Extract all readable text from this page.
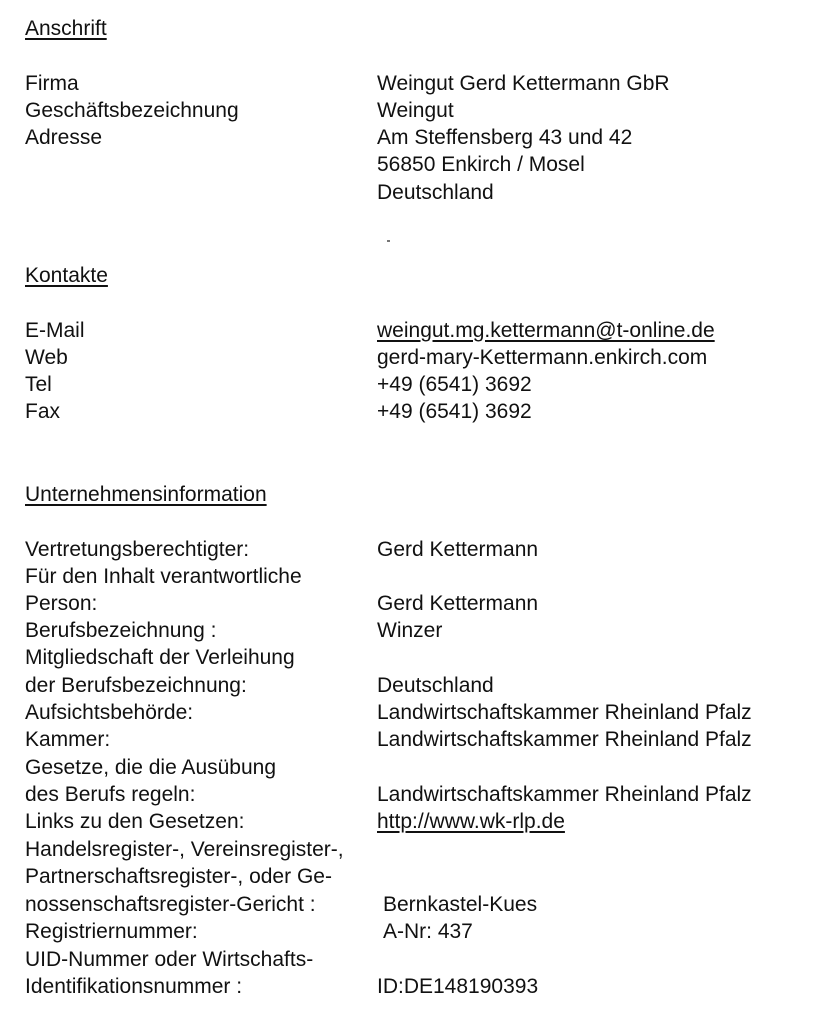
Anschrift
Firma	Weingut Gerd Kettermann GbR
Geschäftsbezeichnung	Weingut
Adresse	Am Steffensberg 43 und 42
56850 Enkirch / Mosel
Deutschland
Kontakte
E-Mail	weingut.mg.kettermann@t-online.de
Web	gerd-mary-Kettermann.enkirch.com
Tel	+49 (6541) 3692
Fax	+49 (6541) 3692
Unternehmensinformation
Vertretungsberechtigter:	Gerd Kettermann
Für den Inhalt verantwortliche
Person:	Gerd Kettermann
Berufsbezeichnung :	Winzer
Mitgliedschaft der Verleihung
der Berufsbezeichnung:	Deutschland
Aufsichtsbehörde:	Landwirtschaftskammer Rheinland Pfalz
Kammer:	Landwirtschaftskammer Rheinland Pfalz
Gesetze, die die Ausübung
des Berufs regeln:	Landwirtschaftskammer Rheinland Pfalz
Links zu den Gesetzen:	http://www.wk-rlp.de
Handelsregister-, Vereinsregister-,
Partnerschaftsregister-, oder Ge-
nossenschaftsregister-Gericht :	Bernkastel-Kues
Registriernummer:	A-Nr: 437
UID-Nummer oder Wirtschafts-
Identifikationsnummer :	ID:DE148190393
